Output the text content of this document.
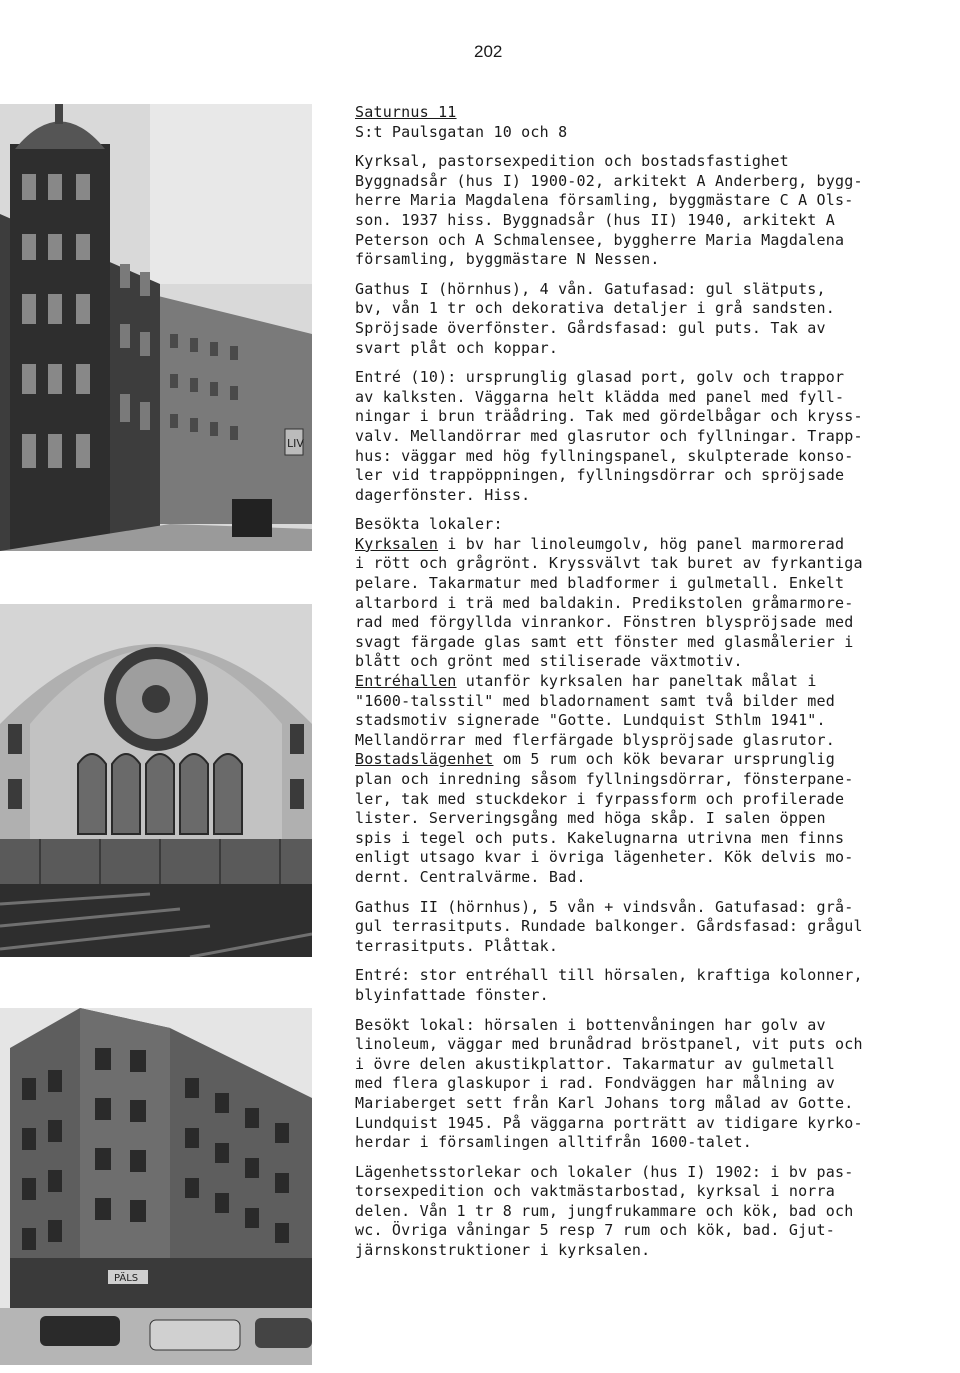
202
LIV
PÄLS

Saturnus 11

S:t Paulsgatan 10 och 8

Kyrksal, pastorsexpedition och bostadsfastighet
Byggnadsår (hus I) 1900-02, arkitekt A Anderberg, bygg-
herre Maria Magdalena församling, byggmästare C A Ols-
son. 1937 hiss. Byggnadsår (hus II) 1940, arkitekt A
Peterson och A Schmalensee, byggherre Maria Magdalena
församling, byggmästare N Nessen.

Gathus I (hörnhus), 4 vån. Gatufasad: gul slätputs,
bv, vån 1 tr och dekorativa detaljer i grå sandsten.
Spröjsade överfönster. Gårdsfasad: gul puts. Tak av
svart plåt och koppar.

Entré (10): ursprunglig glasad port, golv och trappor
av kalksten. Väggarna helt klädda med panel med fyll-
ningar i brun träådring. Tak med gördelbågar och kryss-
valv. Mellandörrar med glasrutor och fyllningar. Trapp-
hus: väggar med hög fyllningspanel, skulpterade konso-
ler vid trappöppningen, fyllningsdörrar och spröjsade
dagerfönster. Hiss.

Besökta lokaler:

Kyrksalen i bv har linoleumgolv, hög panel marmorerad
i rött och grågrönt. Kryssvälvt tak buret av fyrkantiga
pelare. Takarmatur med bladformer i gulmetall. Enkelt
altarbord i trä med baldakin. Predikstolen gråmarmore-
rad med förgyllda vinrankor. Fönstren blyspröjsade med
svagt färgade glas samt ett fönster med glasmålerier i
blått och grönt med stiliserade växtmotiv.

Entréhallen utanför kyrksalen har paneltak målat i
"1600-talsstil" med bladornament samt två bilder med
stadsmotiv signerade "Gotte. Lundquist Sthlm 1941".
Mellandörrar med flerfärgade blyspröjsade glasrutor.

Bostadslägenhet om 5 rum och kök bevarar ursprunglig
plan och inredning såsom fyllningsdörrar, fönsterpane-
ler, tak med stuckdekor i fyrpassform och profilerade
lister. Serveringsgång med höga skåp. I salen öppen
spis i tegel och puts. Kakelugnarna utrivna men finns
enligt utsago kvar i övriga lägenheter. Kök delvis mo-
dernt. Centralvärme. Bad.

Gathus II (hörnhus), 5 vån + vindsvån. Gatufasad: grå-
gul terrasitputs. Rundade balkonger. Gårdsfasad: grågul
terrasitputs. Plåttak.

Entré: stor entréhall till hörsalen, kraftiga kolonner,
blyinfattade fönster.

Besökt lokal: hörsalen i bottenvåningen har golv av
linoleum, väggar med brunådrad bröstpanel, vit puts och
i övre delen akustikplattor. Takarmatur av gulmetall
med flera glaskupor i rad. Fondväggen har målning av
Mariaberget sett från Karl Johans torg målad av Gotte.
Lundquist 1945. På väggarna porträtt av tidigare kyrko-
herdar i församlingen alltifrån 1600-talet.

Lägenhetsstorlekar och lokaler (hus I) 1902: i bv pas-
torsexpedition och vaktmästarbostad, kyrksal i norra
delen. Vån 1 tr 8 rum, jungfrukammare och kök, bad och
wc. Övriga våningar 5 resp 7 rum och kök, bad. Gjut-
järnskonstruktioner i kyrksalen.
